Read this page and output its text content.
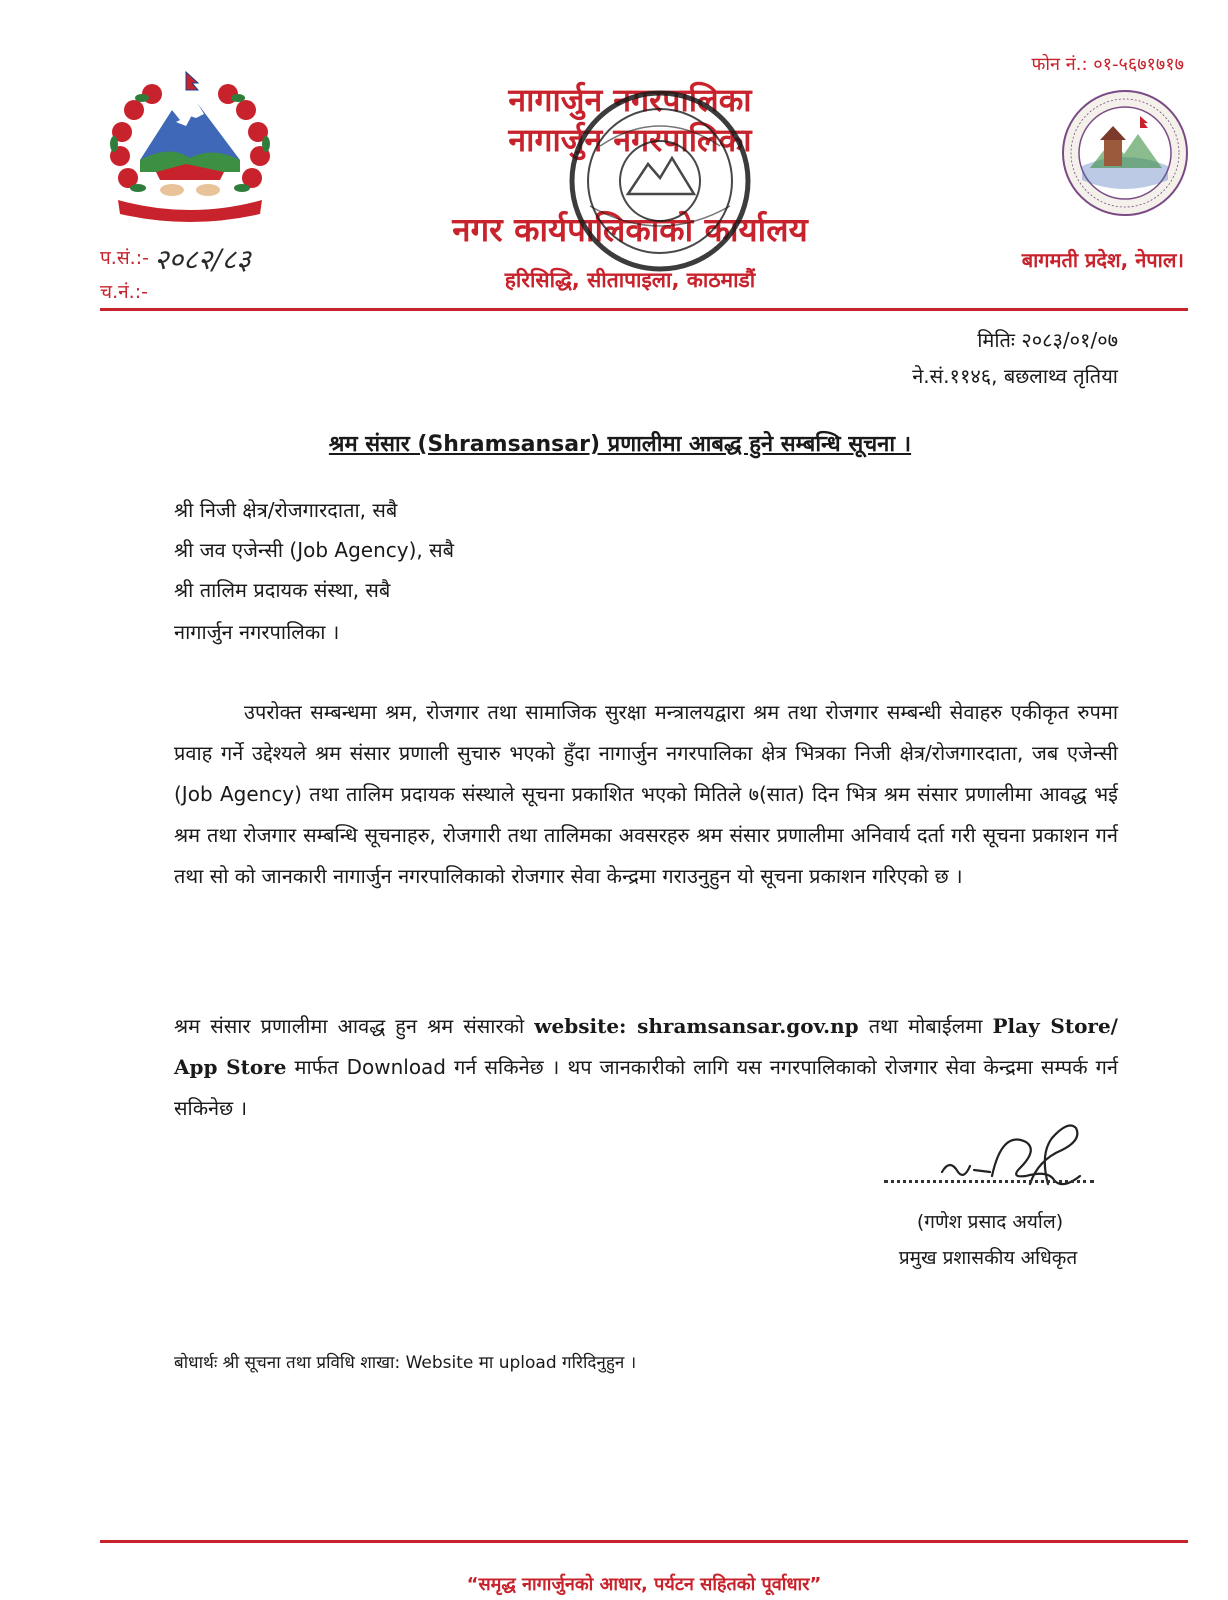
नागार्जुन नगरपालिका
नागार्जुन नगरपालिका
नगर कार्यपालिकाको कार्यालय
हरिसिद्धि, सीतापाइला, काठमाडौं
फोन नं.: ०१-५६७१७१७
बागमती प्रदेश, नेपाल।
प.सं.:- २०८२/८३
च.नं.:-
मितिः २०८३/०१/०७
ने.सं.११४६, बछलाथ्व तृतिया
श्रम संसार (Shramsansar) प्रणालीमा आबद्ध हुने सम्बन्धि सूचना ।
श्री निजी क्षेत्र/रोजगारदाता, सबै
श्री जव एजेन्सी (Job Agency), सबै
श्री तालिम प्रदायक संस्था, सबै
नागार्जुन नगरपालिका ।
उपरोक्त सम्बन्धमा श्रम, रोजगार तथा सामाजिक सुरक्षा मन्त्रालयद्वारा श्रम तथा रोजगार सम्बन्धी सेवाहरु एकीकृत रुपमा प्रवाह गर्ने उद्देश्यले श्रम संसार प्रणाली सुचारु भएको हुँदा नागार्जुन नगरपालिका क्षेत्र भित्रका निजी क्षेत्र/रोजगारदाता, जब एजेन्सी (Job Agency) तथा तालिम प्रदायक संस्थाले सूचना प्रकाशित भएको मितिले ७(सात) दिन भित्र श्रम संसार प्रणालीमा आवद्ध भई श्रम तथा रोजगार सम्बन्धि सूचनाहरु, रोजगारी तथा तालिमका अवसरहरु श्रम संसार प्रणालीमा अनिवार्य दर्ता गरी सूचना प्रकाशन गर्न तथा सो को जानकारी नागार्जुन नगरपालिकाको रोजगार सेवा केन्द्रमा गराउनुहुन यो सूचना प्रकाशन गरिएको छ ।
श्रम संसार प्रणालीमा आवद्ध हुन श्रम संसारको website: shramsansar.gov.np तथा मोबाईलमा Play Store/ App Store मार्फत Download गर्न सकिनेछ । थप जानकारीको लागि यस नगरपालिकाको रोजगार सेवा केन्द्रमा सम्पर्क गर्न सकिनेछ ।
(गणेश प्रसाद अर्याल)
प्रमुख प्रशासकीय अधिकृत
बोधार्थः श्री सूचना तथा प्रविधि शाखा: Website मा upload गरिदिनुहुन ।
“समृद्ध नागार्जुनको आधार, पर्यटन सहितको पूर्वाधार”
